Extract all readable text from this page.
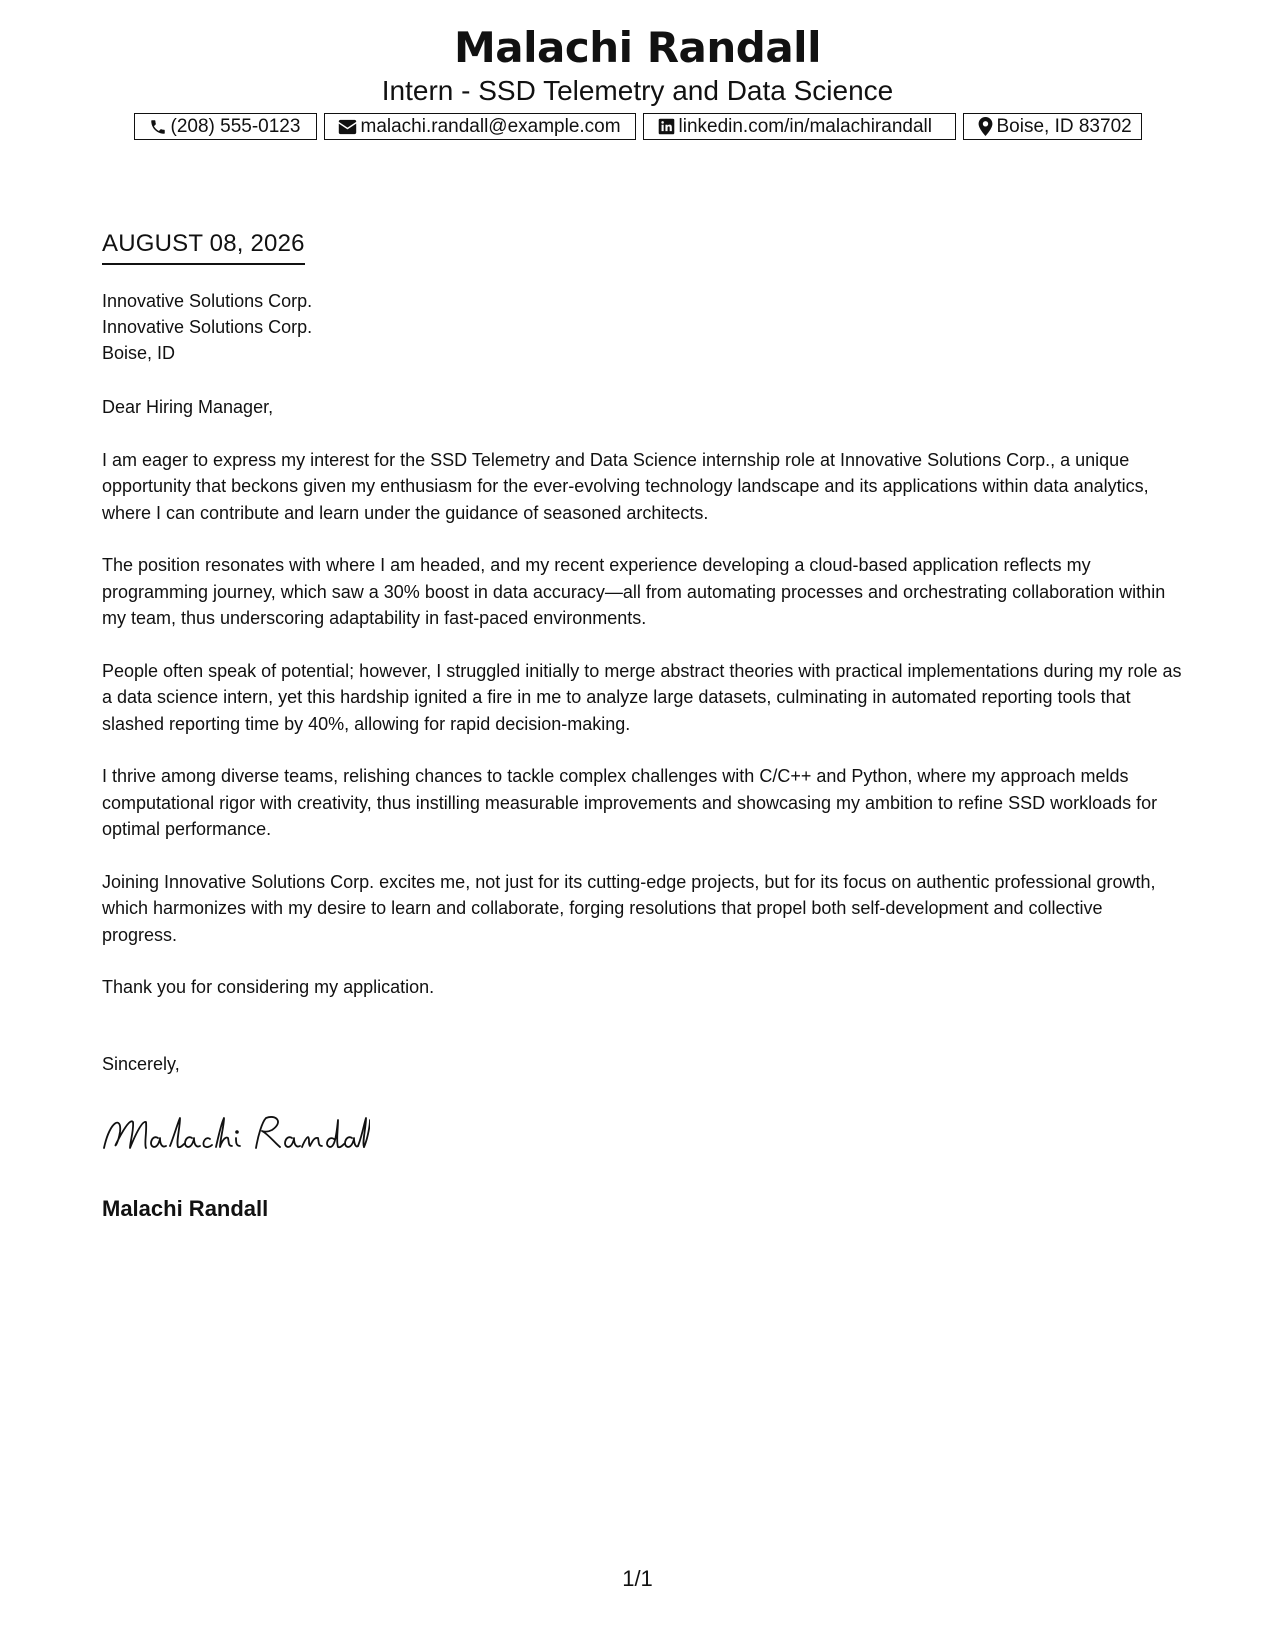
Malachi Randall
Intern - SSD Telemetry and Data Science
(208) 555-0123	malachi.randall@example.com	linkedin.com/in/malachirandall	Boise, ID 83702
AUGUST 08, 2026
Innovative Solutions Corp.
Innovative Solutions Corp.
Boise, ID

Dear Hiring Manager,

I am eager to express my interest for the SSD Telemetry and Data Science internship role at Innovative Solutions Corp., a unique opportunity that beckons given my enthusiasm for the ever-evolving technology landscape and its applications within data analytics, where I can contribute and learn under the guidance of seasoned architects.

The position resonates with where I am headed, and my recent experience developing a cloud-based application reflects my programming journey, which saw a 30% boost in data accuracy—all from automating processes and orchestrating collaboration within my team, thus underscoring adaptability in fast-paced environments.

People often speak of potential; however, I struggled initially to merge abstract theories with practical implementations during my role as a data science intern, yet this hardship ignited a fire in me to analyze large datasets, culminating in automated reporting tools that slashed reporting time by 40%, allowing for rapid decision-making.

I thrive among diverse teams, relishing chances to tackle complex challenges with C/C++ and Python, where my approach melds computational rigor with creativity, thus instilling measurable improvements and showcasing my ambition to refine SSD workloads for optimal performance.

Joining Innovative Solutions Corp. excites me, not just for its cutting-edge projects, but for its focus on authentic professional growth, which harmonizes with my desire to learn and collaborate, forging resolutions that propel both self-development and collective progress.

Thank you for considering my application.

Sincerely,

Malachi Randall
1/1
